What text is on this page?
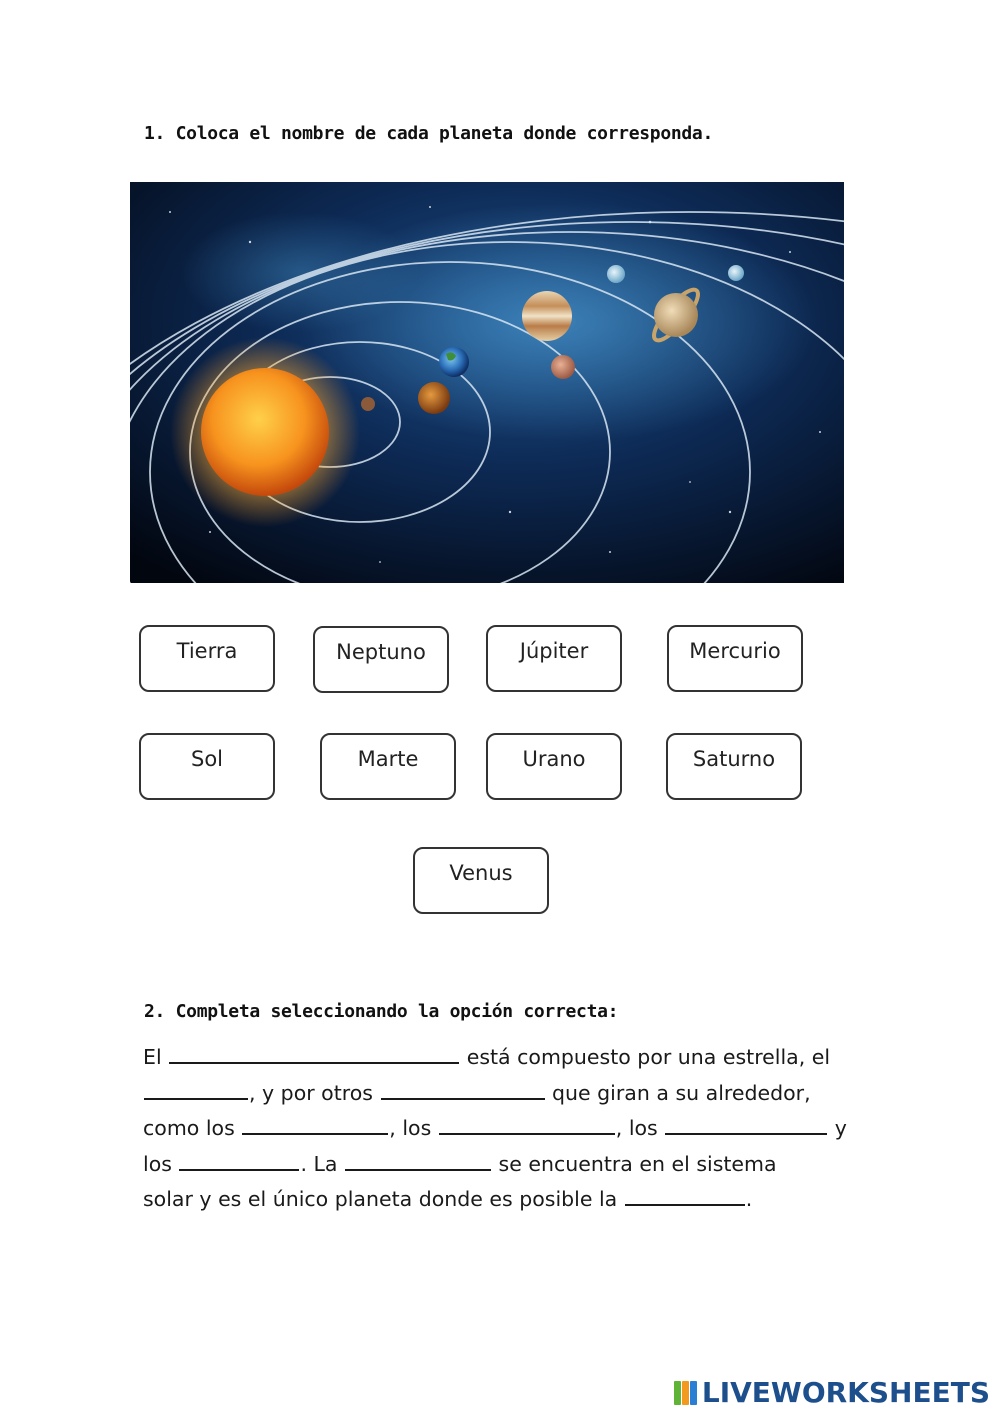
1. Coloca el nombre de cada planeta donde corresponda.

Tierra	Neptuno	Júpiter	Mercurio
Sol	Marte	Urano	Saturno
Venus

2. Completa seleccionando la opción correcta:

El	está compuesto por una estrella, el
, y por otros	que giran a su alrededor,
como los	, los	, los	y
los	. La	se encuentra en el sistema
solar y es el único planeta donde es posible la	.
LIVEWORKSHEETS
